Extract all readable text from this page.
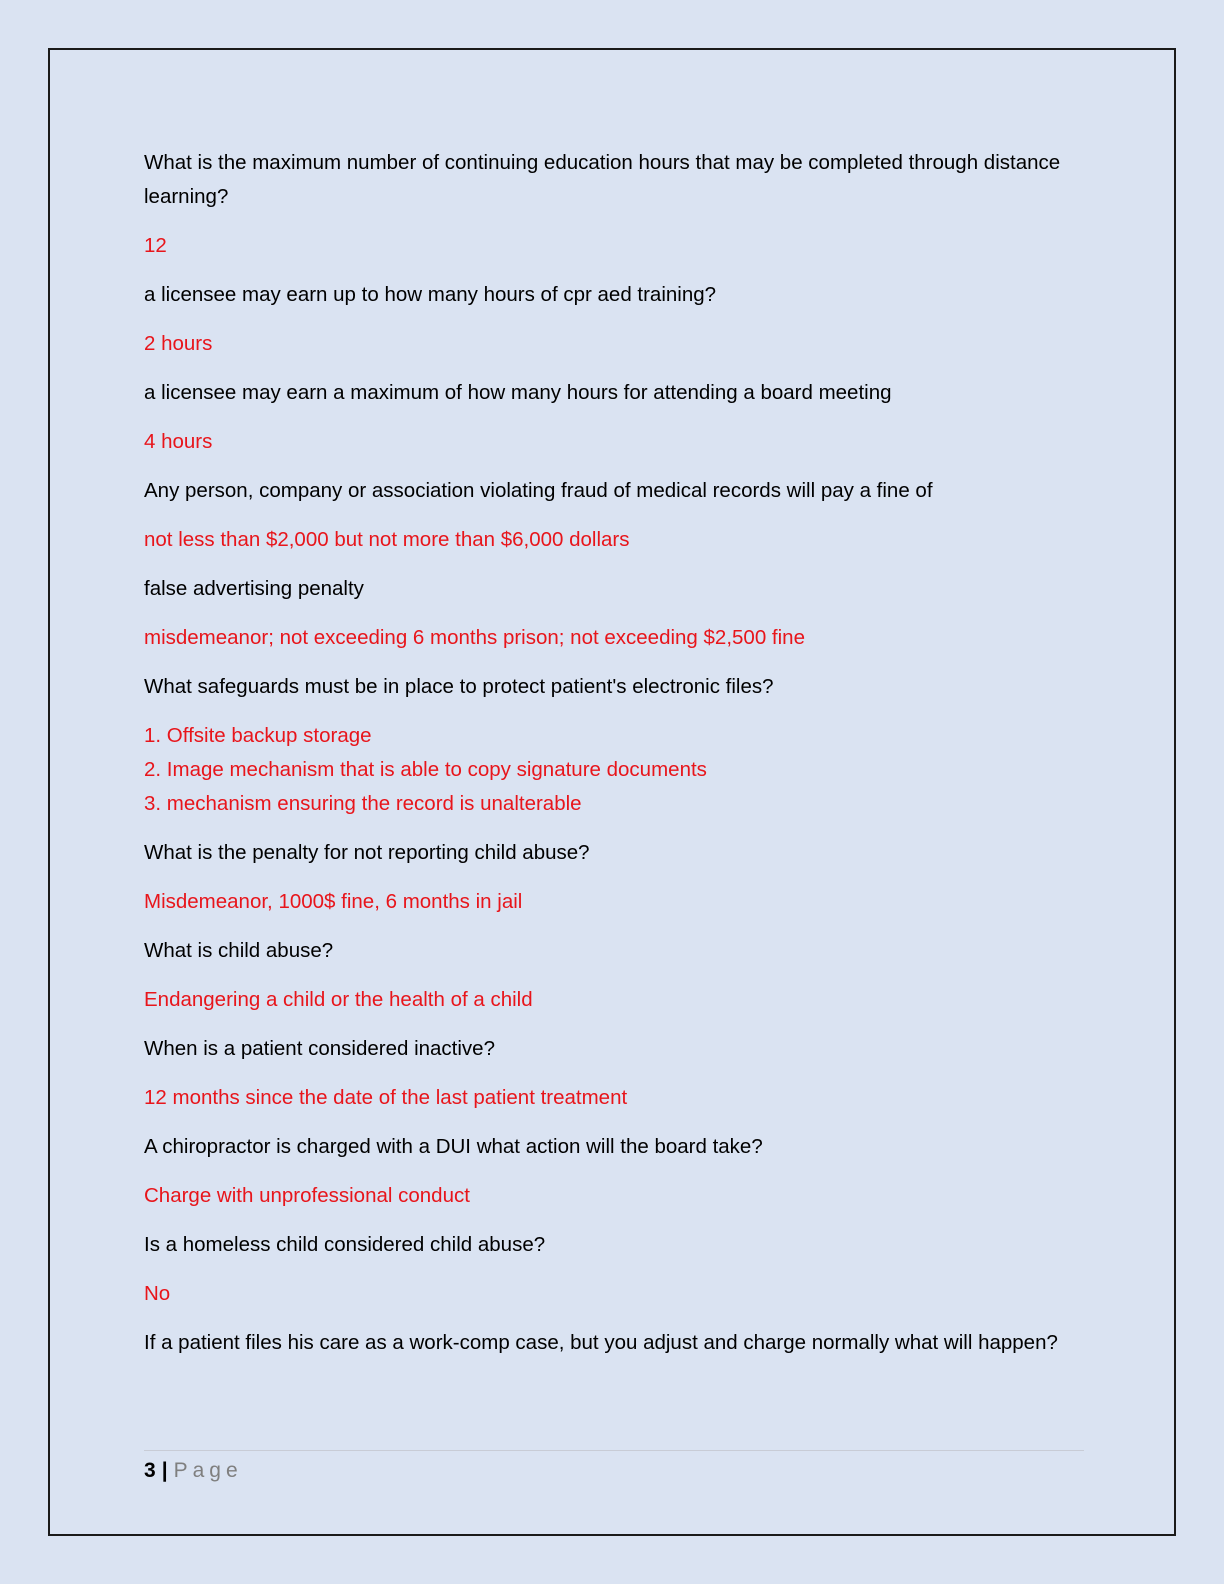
What is the maximum number of continuing education hours that may be completed through distance learning?

12

a licensee may earn up to how many hours of cpr aed training?

2 hours

a licensee may earn a maximum of how many hours for attending a board meeting

4 hours

Any person, company or association violating fraud of medical records will pay a fine of

not less than $2,000 but not more than $6,000 dollars

false advertising penalty

misdemeanor; not exceeding 6 months prison; not exceeding $2,500 fine

What safeguards must be in place to protect patient's electronic files?

1. Offsite backup storage
2. Image mechanism that is able to copy signature documents
3. mechanism ensuring the record is unalterable

What is the penalty for not reporting child abuse?

Misdemeanor, 1000$ fine, 6 months in jail

What is child abuse?

Endangering a child or the health of a child

When is a patient considered inactive?

12 months since the date of the last patient treatment

A chiropractor is charged with a DUI what action will the board take?

Charge with unprofessional conduct

Is a homeless child considered child abuse?

No

If a patient files his care as a work-comp case, but you adjust and charge normally what will happen?

3 | Page
